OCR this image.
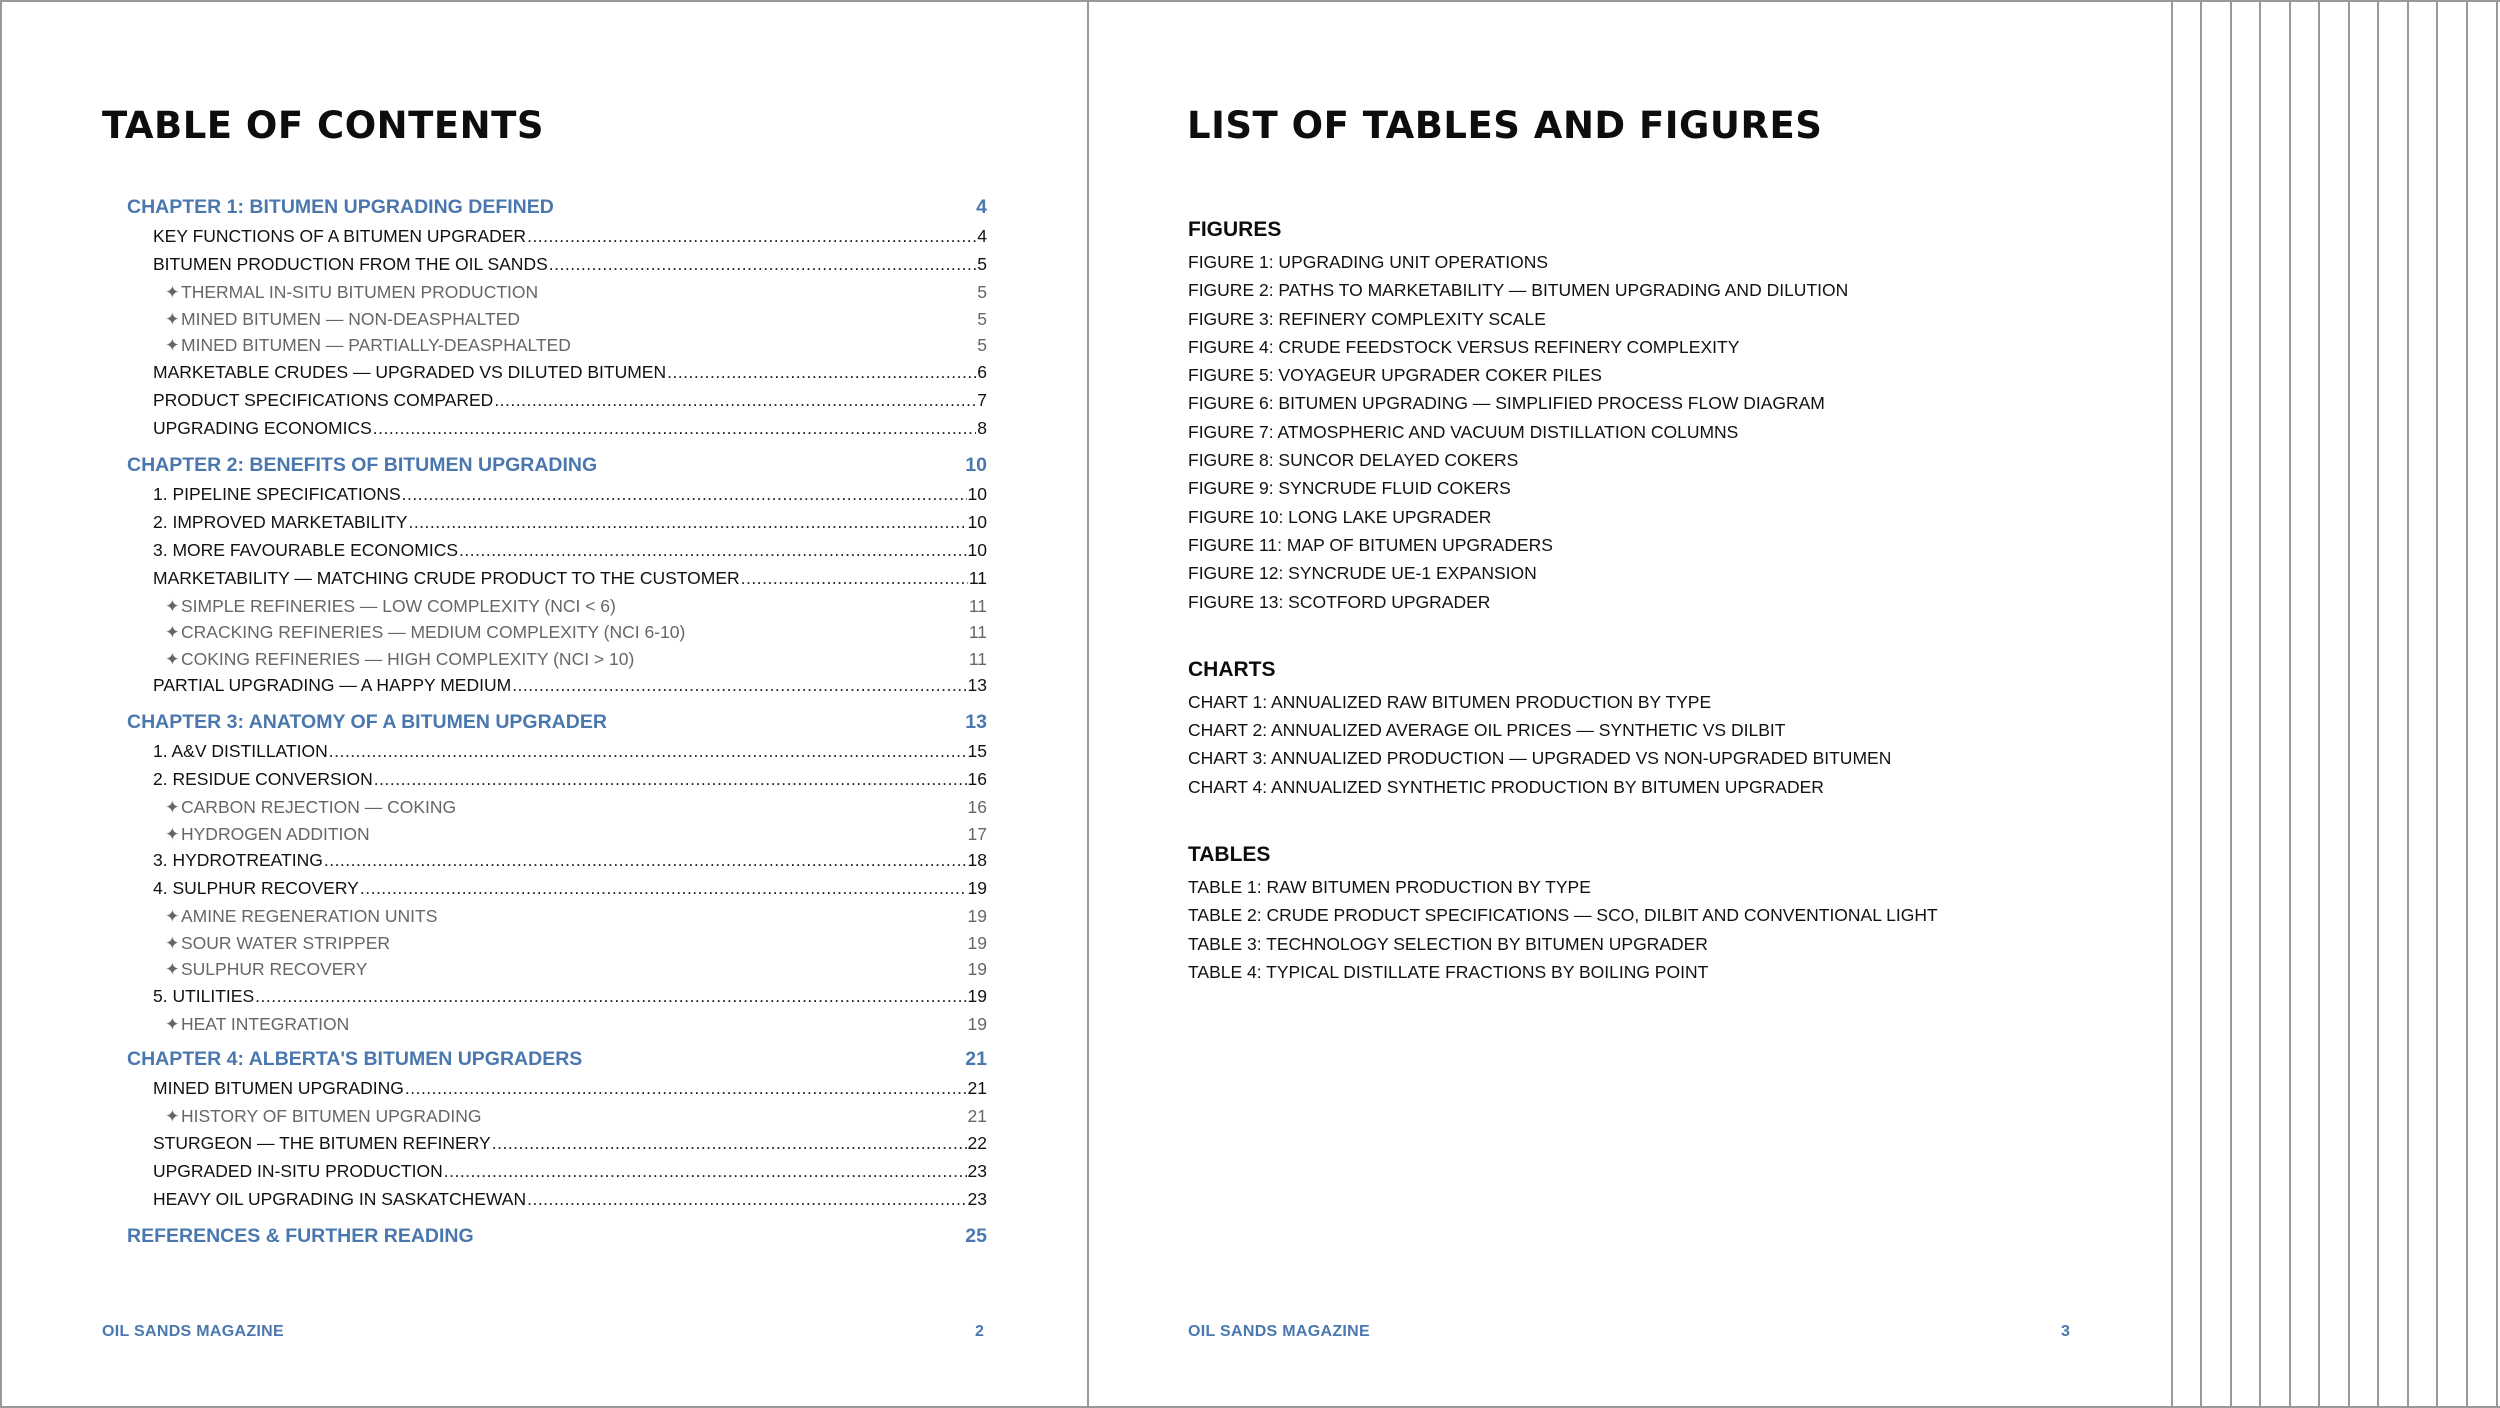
TABLE OF CONTENTS
CHAPTER 1: BITUMEN UPGRADING DEFINED	4
KEY FUNCTIONS OF A BITUMEN UPGRADER .....	4
BITUMEN PRODUCTION FROM THE OIL SANDS .....	5
✦ THERMAL IN-SITU BITUMEN PRODUCTION	5
✦ MINED BITUMEN — NON-DEASPHALTED	5
✦ MINED BITUMEN — PARTIALLY-DEASPHALTED	5
MARKETABLE CRUDES — UPGRADED VS DILUTED BITUMEN .....	6
PRODUCT SPECIFICATIONS COMPARED .....	7
UPGRADING ECONOMICS .....	8
CHAPTER 2: BENEFITS OF BITUMEN UPGRADING	10
1. PIPELINE SPECIFICATIONS .....	10
2. IMPROVED MARKETABILITY .....	10
3. MORE FAVOURABLE ECONOMICS .....	10
MARKETABILITY — MATCHING CRUDE PRODUCT TO THE CUSTOMER .....	11
✦ SIMPLE REFINERIES — LOW COMPLEXITY (NCI < 6)	11
✦ CRACKING REFINERIES — MEDIUM COMPLEXITY (NCI 6-10)	11
✦ COKING REFINERIES — HIGH COMPLEXITY (NCI > 10)	11
PARTIAL UPGRADING — A HAPPY MEDIUM .....	13
CHAPTER 3: ANATOMY OF A BITUMEN UPGRADER	13
1. A&V DISTILLATION .....	15
2. RESIDUE CONVERSION .....	16
✦ CARBON REJECTION — COKING	16
✦ HYDROGEN ADDITION	17
3. HYDROTREATING .....	18
4. SULPHUR RECOVERY .....	19
✦ AMINE REGENERATION UNITS	19
✦ SOUR WATER STRIPPER	19
✦ SULPHUR RECOVERY	19
5. UTILITIES .....	19
✦ HEAT INTEGRATION	19
CHAPTER 4: ALBERTA'S BITUMEN UPGRADERS	21
MINED BITUMEN UPGRADING .....	21
✦ HISTORY OF BITUMEN UPGRADING	21
STURGEON — THE BITUMEN REFINERY .....	22
UPGRADED IN-SITU PRODUCTION .....	23
HEAVY OIL UPGRADING IN SASKATCHEWAN .....	23
REFERENCES & FURTHER READING	25
OIL SANDS MAGAZINE	2
LIST OF TABLES AND FIGURES
FIGURES
FIGURE 1: UPGRADING UNIT OPERATIONS
FIGURE 2: PATHS TO MARKETABILITY — BITUMEN UPGRADING AND DILUTION
FIGURE 3: REFINERY COMPLEXITY SCALE
FIGURE 4: CRUDE FEEDSTOCK VERSUS REFINERY COMPLEXITY
FIGURE 5: VOYAGEUR UPGRADER COKER PILES
FIGURE 6: BITUMEN UPGRADING — SIMPLIFIED PROCESS FLOW DIAGRAM
FIGURE 7: ATMOSPHERIC AND VACUUM DISTILLATION COLUMNS
FIGURE 8: SUNCOR DELAYED COKERS
FIGURE 9: SYNCRUDE FLUID COKERS
FIGURE 10: LONG LAKE UPGRADER
FIGURE 11: MAP OF BITUMEN UPGRADERS
FIGURE 12: SYNCRUDE UE-1 EXPANSION
FIGURE 13: SCOTFORD UPGRADER
CHARTS
CHART 1: ANNUALIZED RAW BITUMEN PRODUCTION BY TYPE
CHART 2: ANNUALIZED AVERAGE OIL PRICES — SYNTHETIC VS DILBIT
CHART 3: ANNUALIZED PRODUCTION — UPGRADED VS NON-UPGRADED BITUMEN
CHART 4: ANNUALIZED SYNTHETIC PRODUCTION BY BITUMEN UPGRADER
TABLES
TABLE 1: RAW BITUMEN PRODUCTION BY TYPE
TABLE 2: CRUDE PRODUCT SPECIFICATIONS — SCO, DILBIT AND CONVENTIONAL LIGHT
TABLE 3: TECHNOLOGY SELECTION BY BITUMEN UPGRADER
TABLE 4: TYPICAL DISTILLATE FRACTIONS BY BOILING POINT
OIL SANDS MAGAZINE	3
